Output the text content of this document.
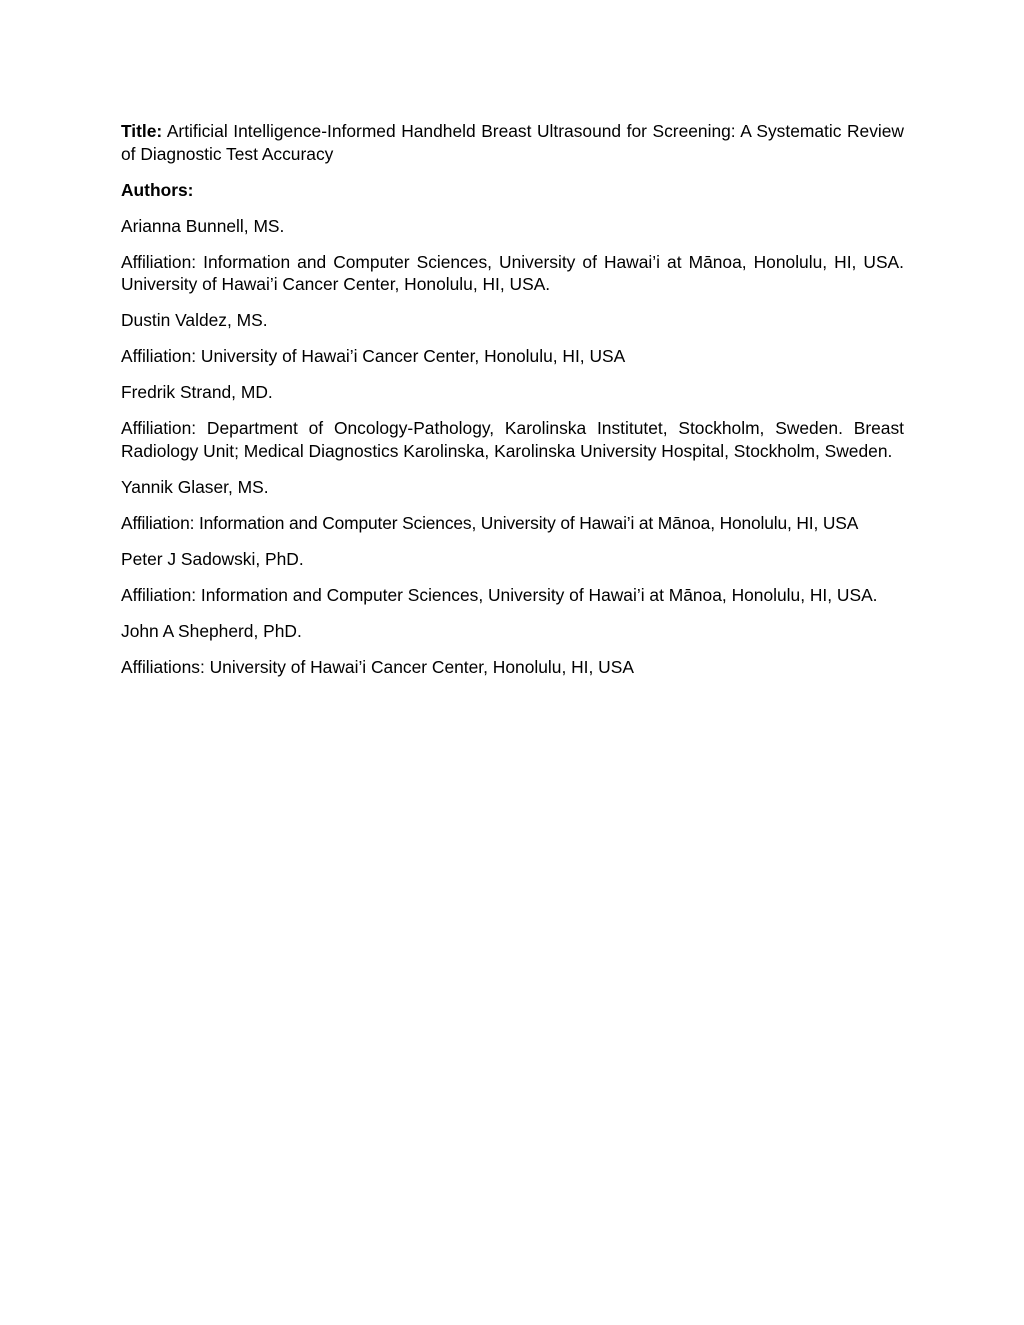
Title: Artificial Intelligence-Informed Handheld Breast Ultrasound for Screening: A Systematic Review of Diagnostic Test Accuracy

Authors:

Arianna Bunnell, MS.

Affiliation: Information and Computer Sciences, University of Hawai’i at Mānoa, Honolulu, HI, USA. University of Hawai’i Cancer Center, Honolulu, HI, USA.

Dustin Valdez, MS.

Affiliation: University of Hawai’i Cancer Center, Honolulu, HI, USA

Fredrik Strand, MD.

Affiliation: Department of Oncology-Pathology, Karolinska Institutet, Stockholm, Sweden. Breast Radiology Unit; Medical Diagnostics Karolinska, Karolinska University Hospital, Stockholm, Sweden.

Yannik Glaser, MS.

Affiliation: Information and Computer Sciences, University of Hawai’i at Mānoa, Honolulu, HI, USA

Peter J Sadowski, PhD.

Affiliation: Information and Computer Sciences, University of Hawai’i at Mānoa, Honolulu, HI, USA.

John A Shepherd, PhD.

Affiliations: University of Hawai’i Cancer Center, Honolulu, HI, USA
